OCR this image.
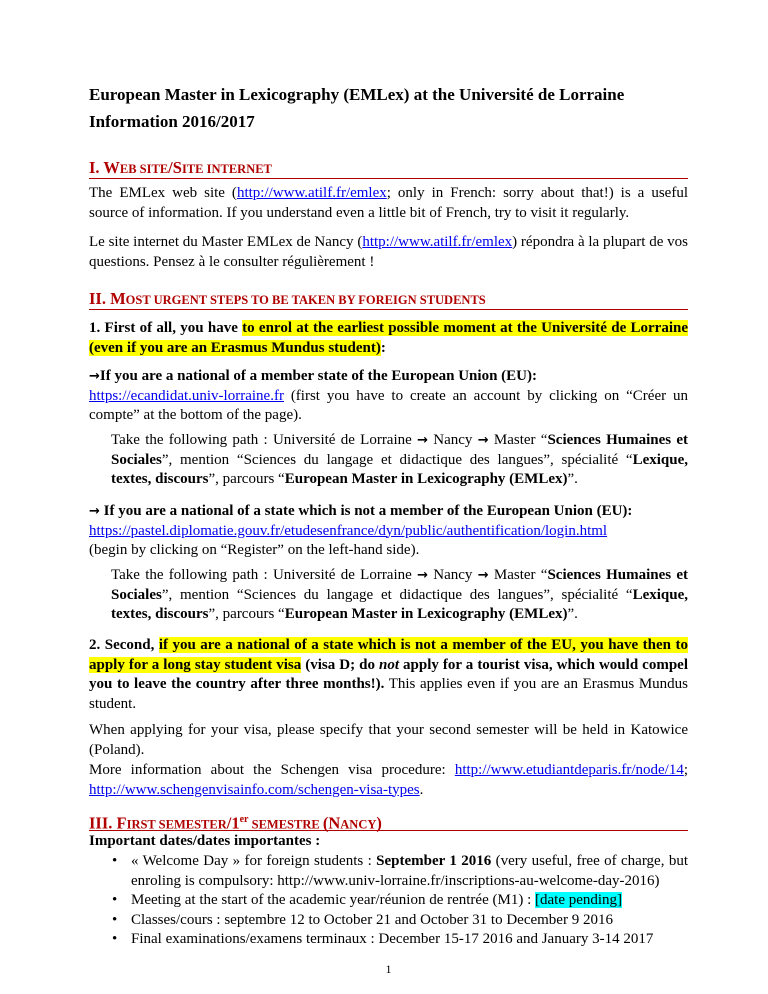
European Master in Lexicography (EMLex) at the Université de Lorraine
Information 2016/2017
I. WEB SITE/SITE INTERNET

The EMLex web site (http://www.atilf.fr/emlex; only in French: sorry about that!) is a useful source of information. If you understand even a little bit of French, try to visit it regularly.

Le site internet du Master EMLex de Nancy (http://www.atilf.fr/emlex) répondra à la plupart de vos questions. Pensez à le consulter régulièrement !

II. MOST URGENT STEPS TO BE TAKEN BY FOREIGN STUDENTS

1. First of all, you have to enrol at the earliest possible moment at the Université de Lorraine (even if you are an Erasmus Mundus student):

→If you are a national of a member state of the European Union (EU):
https://ecandidat.univ-lorraine.fr (first you have to create an account by clicking on “Créer un compte” at the bottom of the page).

Take the following path : Université de Lorraine → Nancy → Master “Sciences Humaines et Sociales”, mention “Sciences du langage et didactique des langues”, spécialité “Lexique, textes, discours”, parcours “European Master in Lexicography (EMLex)”.

→ If you are a national of a state which is not a member of the European Union (EU):
https://pastel.diplomatie.gouv.fr/etudesenfrance/dyn/public/authentification/login.html
(begin by clicking on “Register” on the left-hand side).

Take the following path : Université de Lorraine → Nancy → Master “Sciences Humaines et Sociales”, mention “Sciences du langage et didactique des langues”, spécialité “Lexique, textes, discours”, parcours “European Master in Lexicography (EMLex)”.

2. Second, if you are a national of a state which is not a member of the EU, you have then to apply for a long stay student visa (visa D; do not apply for a tourist visa, which would compel you to leave the country after three months!). This applies even if you are an Erasmus Mundus student.

When applying for your visa, please specify that your second semester will be held in Katowice (Poland).

More information about the Schengen visa procedure: http://www.etudiantdeparis.fr/node/14; http://www.schengenvisainfo.com/schengen-visa-types.

III. FIRST SEMESTER/1er SEMESTRE (NANCY)

Important dates/dates importantes :

• « Welcome Day » for foreign students : September 1 2016 (very useful, free of charge, but enroling is compulsory: http://www.univ-lorraine.fr/inscriptions-au-welcome-day-2016)
• Meeting at the start of the academic year/réunion de rentrée (M1) : [date pending]
• Classes/cours : septembre 12 to October 21 and October 31 to December 9 2016
• Final examinations/examens terminaux : December 15-17 2016 and January 3-14 2017
1
